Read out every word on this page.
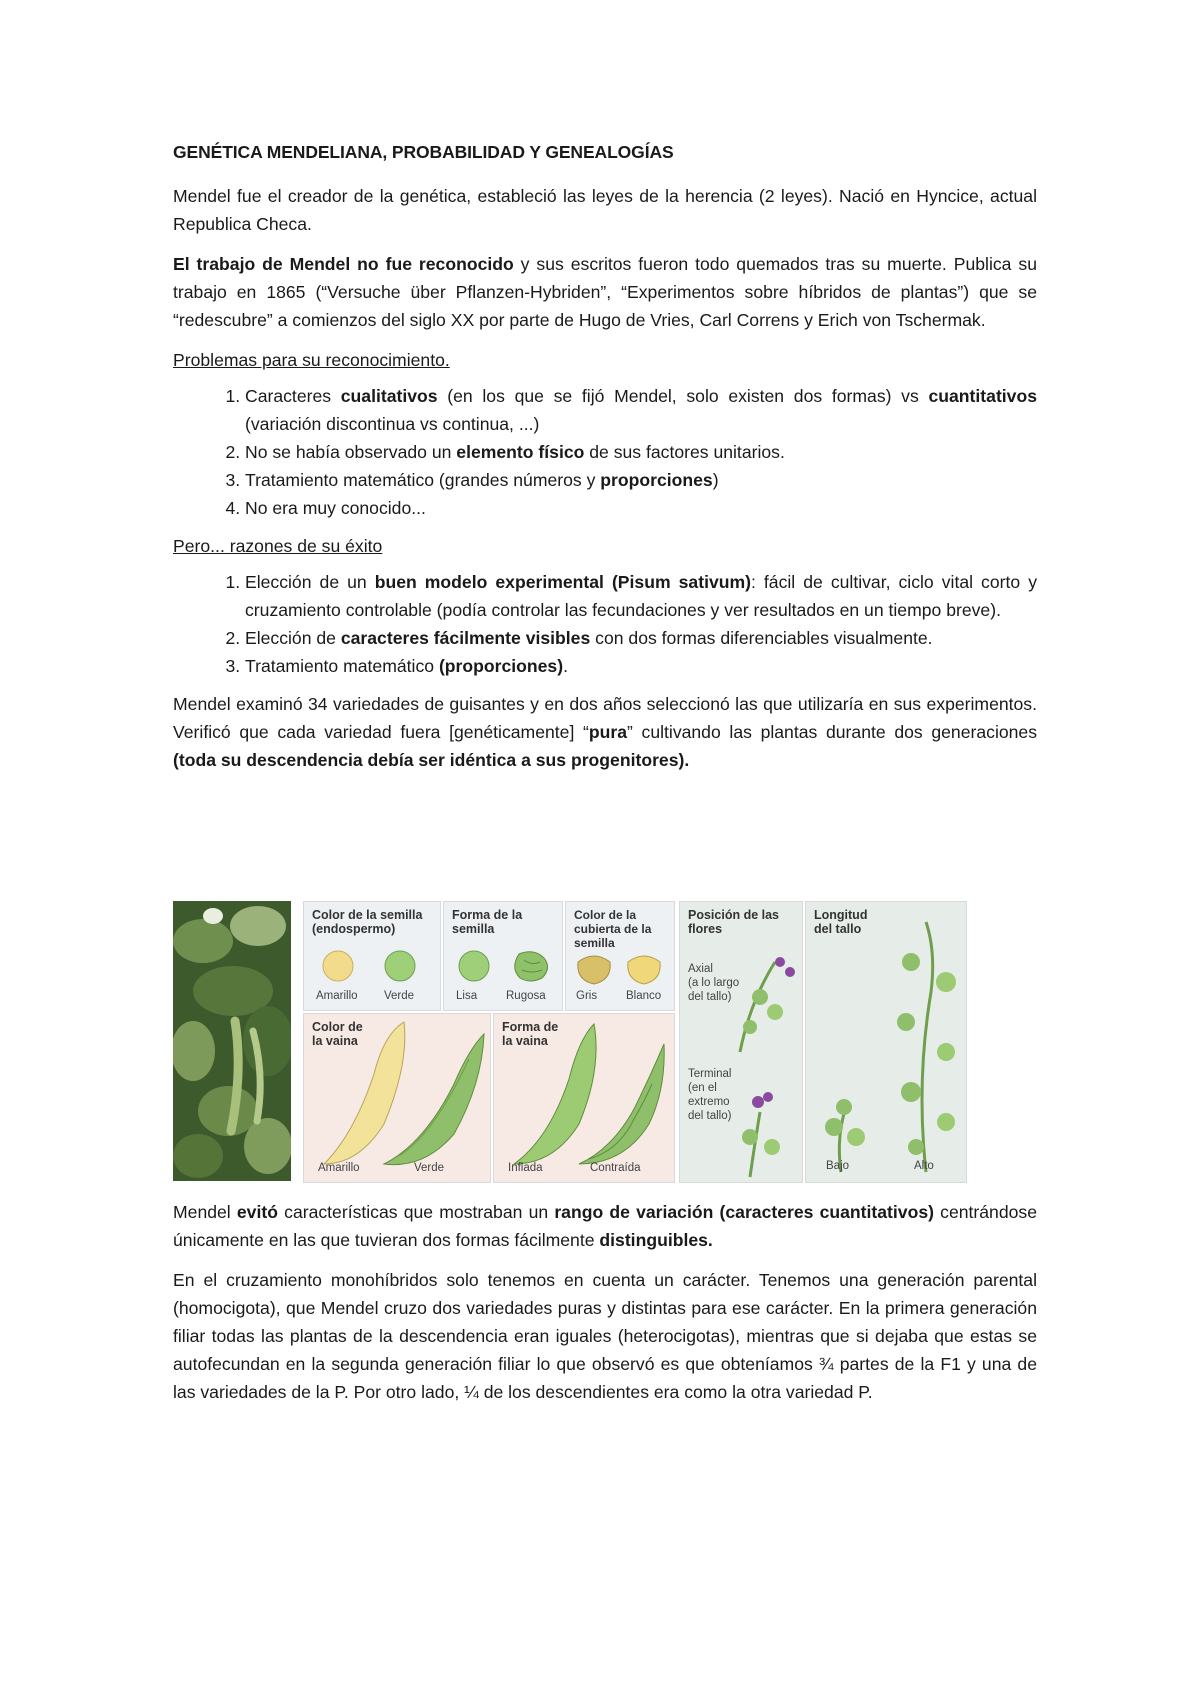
GENÉTICA MENDELIANA, PROBABILIDAD Y GENEALOGÍAS

Mendel fue el creador de la genética, estableció las leyes de la herencia (2 leyes). Nació en Hyncice, actual Republica Checa.

El trabajo de Mendel no fue reconocido y sus escritos fueron todo quemados tras su muerte. Publica su trabajo en 1865 (“Versuche über Pflanzen-Hybriden”, “Experimentos sobre híbridos de plantas”) que se “redescubre” a comienzos del siglo XX por parte de Hugo de Vries, Carl Correns y Erich von Tschermak.

Problemas para su reconocimiento.
1. Caracteres cualitativos (en los que se fijó Mendel, solo existen dos formas) vs cuantitativos (variación discontinua vs continua, ...)
2. No se había observado un elemento físico de sus factores unitarios.
3. Tratamiento matemático (grandes números y proporciones)
4. No era muy conocido...
Pero... razones de su éxito
1. Elección de un buen modelo experimental (Pisum sativum): fácil de cultivar, ciclo vital corto y cruzamiento controlable (podía controlar las fecundaciones y ver resultados en un tiempo breve).
2. Elección de caracteres fácilmente visibles con dos formas diferenciables visualmente.
3. Tratamiento matemático (proporciones).

Mendel examinó 34 variedades de guisantes y en dos años seleccionó las que utilizaría en sus experimentos. Verificó que cada variedad fuera [genéticamente] “pura” cultivando las plantas durante dos generaciones (toda su descendencia debía ser idéntica a sus progenitores).

Color de la semilla
(endospermo)
Amarillo Verde
Forma de la
semilla
Lisa	Rugosa
Color de la
cubierta de la
semilla
Gris	Blanco
Color de
la vaina
Amarillo	Verde
Forma de
la vaina
Inflada	Contraída
Posición de las
flores
Axial
(a lo largo
del tallo)
Terminal
(en el
extremo
del tallo)
Longitud
del tallo
Bajo	Alto

Mendel evitó características que mostraban un rango de variación (caracteres cuantitativos) centrándose únicamente en las que tuvieran dos formas fácilmente distinguibles.

En el cruzamiento monohíbridos solo tenemos en cuenta un carácter. Tenemos una generación parental (homocigota), que Mendel cruzo dos variedades puras y distintas para ese carácter. En la primera generación filiar todas las plantas de la descendencia eran iguales (heterocigotas), mientras que si dejaba que estas se autofecundan en la segunda generación filiar lo que observó es que obteníamos ¾ partes de la F1 y una de las variedades de la P. Por otro lado, ¼ de los descendientes era como la otra variedad P.
